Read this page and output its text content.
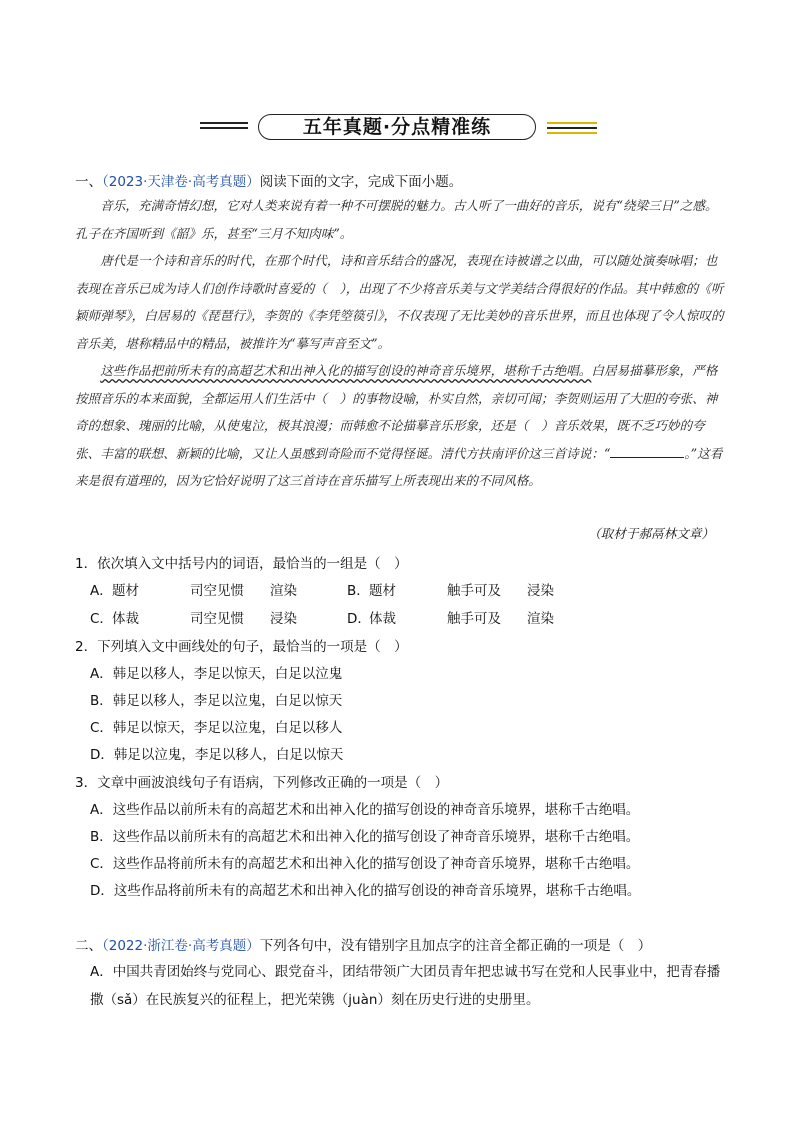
五年真题·分点精准练
一、（2023·天津卷·高考真题）阅读下面的文字，完成下面小题。

音乐，充满奇情幻想，它对人类来说有着一种不可摆脱的魅力。古人听了一曲好的音乐，说有“绕梁三日”之感。孔子在齐国听到《韶》乐，甚至“三月不知肉味”。

唐代是一个诗和音乐的时代，在那个时代，诗和音乐结合的盛况，表现在诗被谱之以曲，可以随处演奏咏唱；也表现在音乐已成为诗人们创作诗歌时喜爱的（　），出现了不少将音乐美与文学美结合得很好的作品。其中韩愈的《听颖师弹琴》，白居易的《琵琶行》，李贺的《李凭箜篌引》，不仅表现了无比美妙的音乐世界，而且也体现了令人惊叹的音乐美，堪称精品中的精品，被推许为“摹写声音至文”。

这些作品把前所未有的高超艺术和出神入化的描写创设的神奇音乐境界，堪称千古绝唱。白居易描摹形象，严格按照音乐的本来面貌，全都运用人们生活中（　）的事物设喻，朴实自然，亲切可闻；李贺则运用了大胆的夸张、神奇的想象、瑰丽的比喻，从使鬼泣，极其浪漫；而韩愈不论描摹音乐形象，还是（　）音乐效果，既不乏巧妙的夸张、丰富的联想、新颖的比喻，又让人虽感到奇险而不觉得怪诞。清代方扶南评价这三首诗说：“	。”这看来是很有道理的，因为它恰好说明了这三首诗在音乐描写上所表现出来的不同风格。

（取材于郝鬲林文章）
1．依次填入文中括号内的词语，最恰当的一组是（　）
A．题材	司空见惯 渲染	B．题材	触手可及 浸染
C．体裁	司空见惯 浸染	D．体裁	触手可及 渲染
2．下列填入文中画线处的句子，最恰当的一项是（　）
A．韩足以移人，李足以惊天，白足以泣鬼
B．韩足以移人，李足以泣鬼，白足以惊天
C．韩足以惊天，李足以泣鬼，白足以移人
D．韩足以泣鬼，李足以移人，白足以惊天
3．文章中画波浪线句子有语病，下列修改正确的一项是（　）
A．这些作品以前所未有的高超艺术和出神入化的描写创设的神奇音乐境界，堪称千古绝唱。
B．这些作品以前所未有的高超艺术和出神入化的描写创设了神奇音乐境界，堪称千古绝唱。
C．这些作品将前所未有的高超艺术和出神入化的描写创设了神奇音乐境界，堪称千古绝唱。
D．这些作品将前所未有的高超艺术和出神入化的描写创设的神奇音乐境界，堪称千古绝唱。
二、（2022·浙江卷·高考真题）下列各句中，没有错别字且加点字的注音全都正确的一项是（　）
A．中国共青团始终与党同心、跟党奋斗，团结带领广大团员青年把忠诚书写在党和人民事业中，把青春播撒（sǎ）在民族复兴的征程上，把光荣镌（juàn）刻在历史行进的史册里。
